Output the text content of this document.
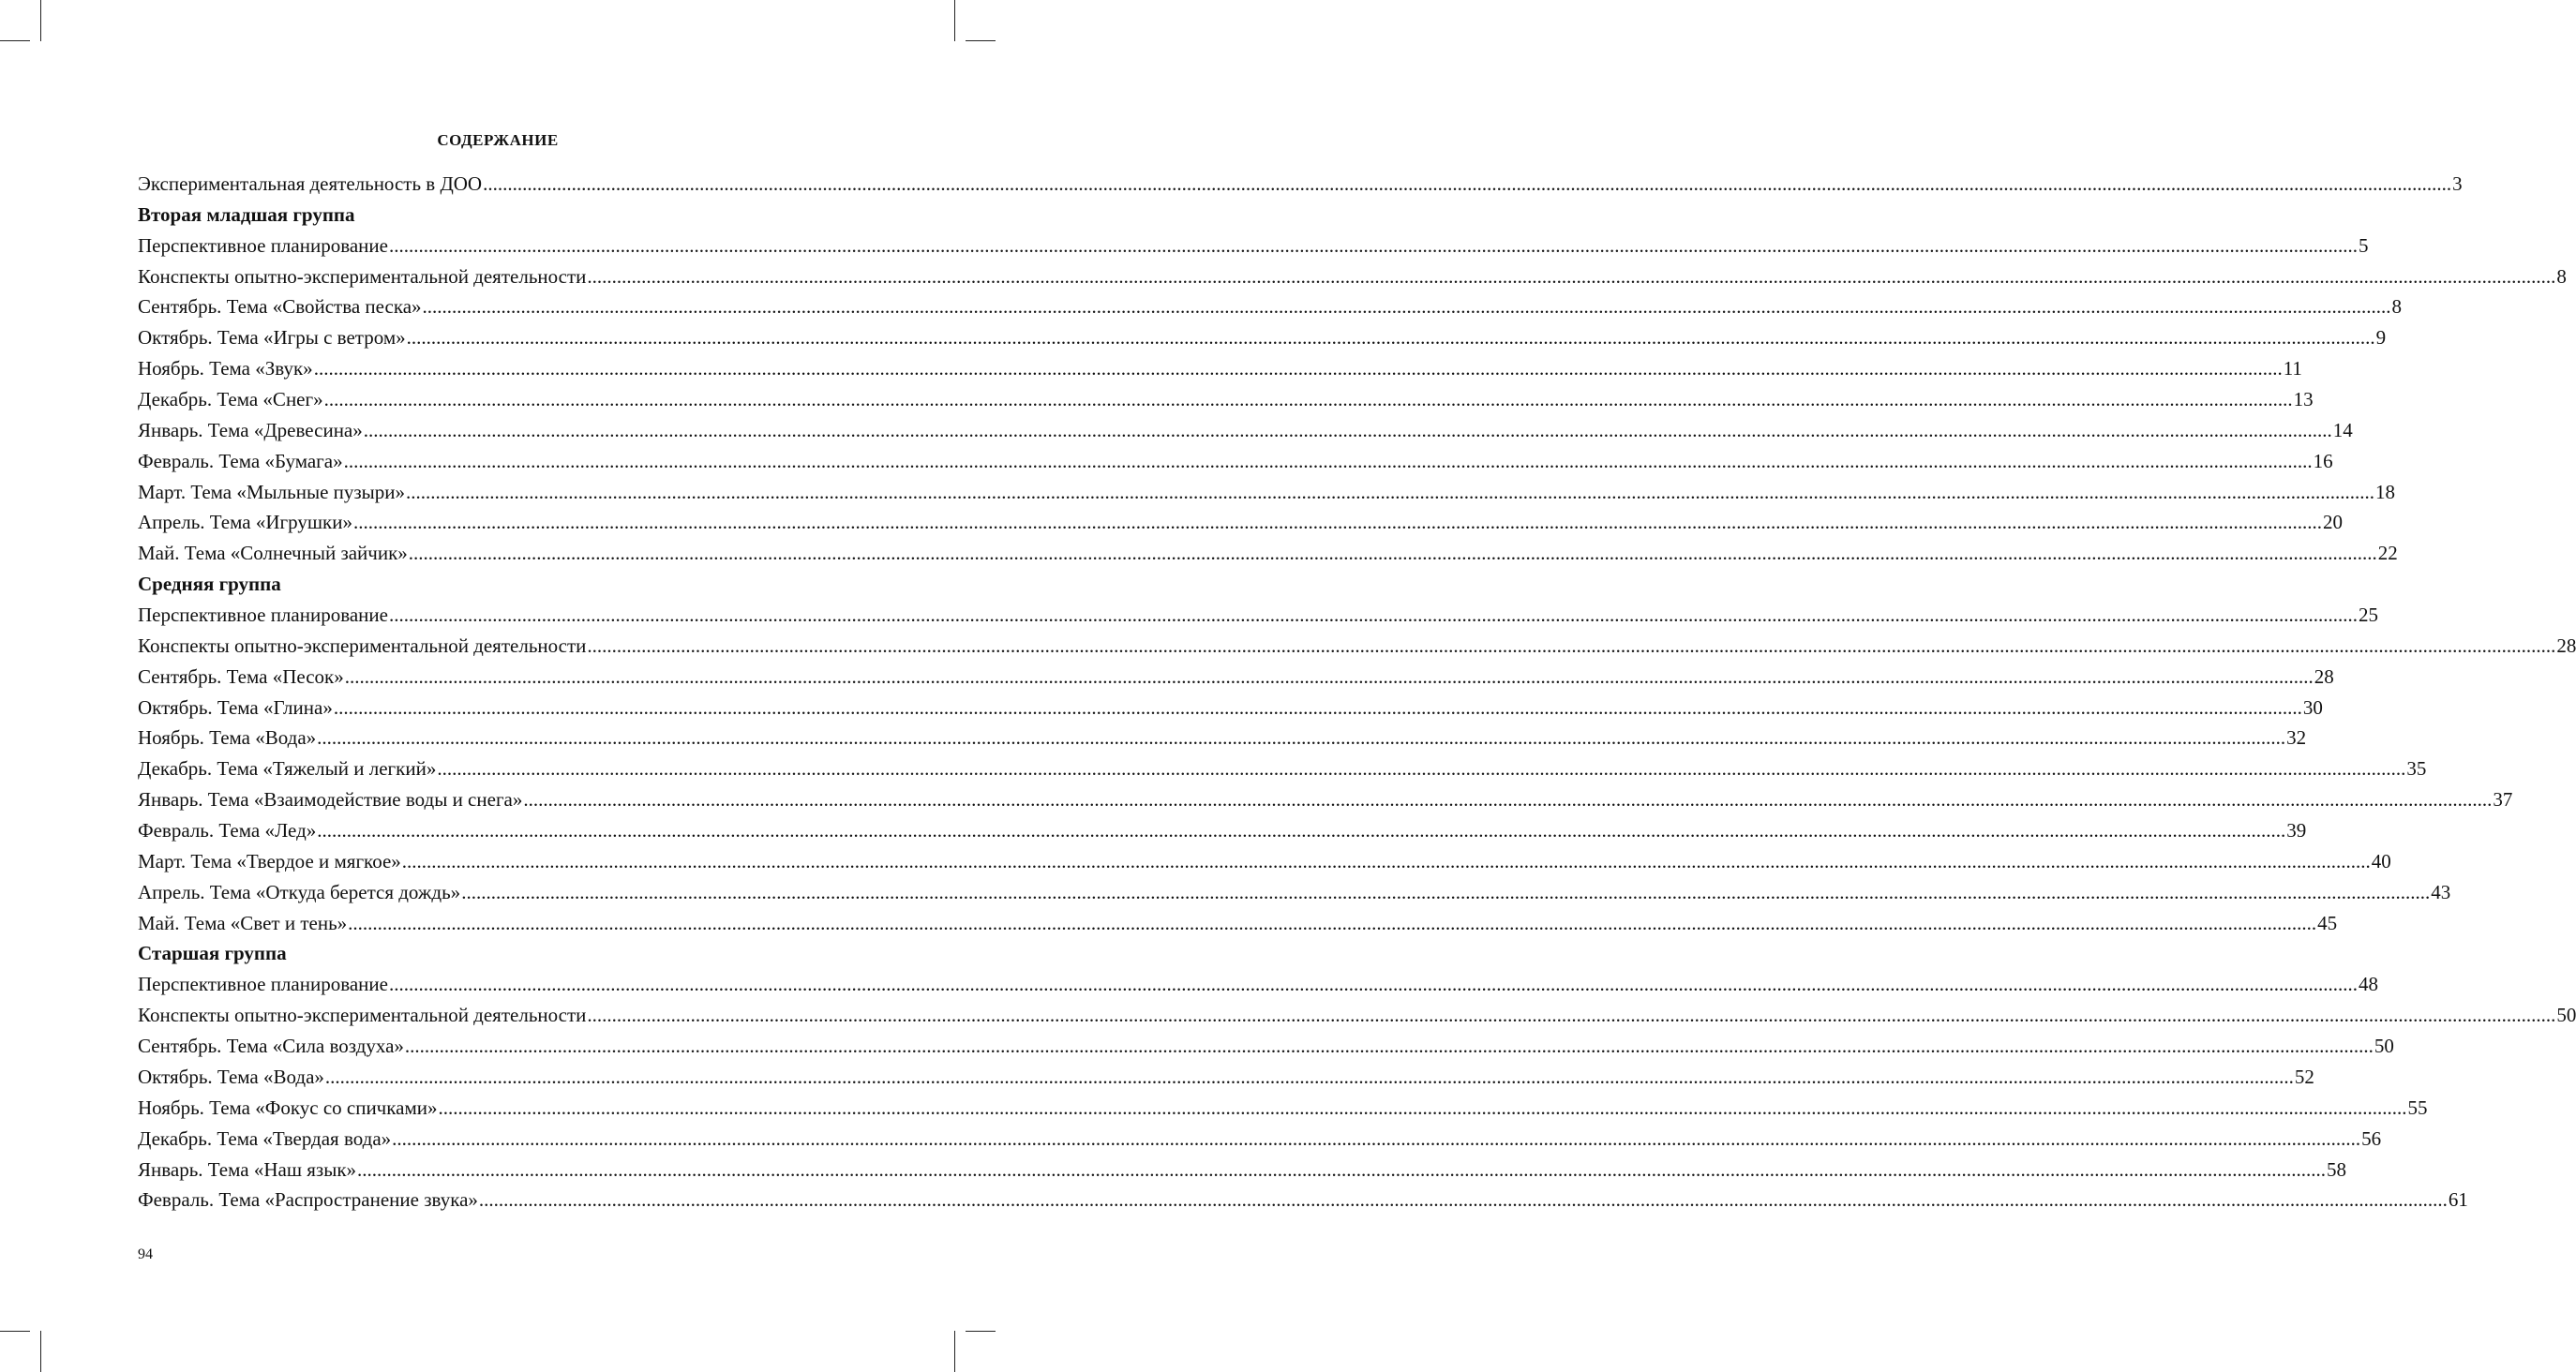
СОДЕРЖАНИЕ
Экспериментальная деятельность в ДОО ................................................................................................................................................................................................................................................................................................................................................................................................................ 3
Вторая младшая группа
Перспективное планирование ................................................................................................................................................................................................................................................................................................................................................................................................................ 5
Конспекты опытно-экспериментальной деятельности ................................................................................................................................................................................................................................................................................................................................................................................................................ 8
Сентябрь. Тема «Свойства песка» ................................................................................................................................................................................................................................................................................................................................................................................................................ 8
Октябрь. Тема «Игры с ветром» ................................................................................................................................................................................................................................................................................................................................................................................................................ 9
Ноябрь. Тема «Звук» ................................................................................................................................................................................................................................................................................................................................................................................................................ 11
Декабрь. Тема «Снег» ................................................................................................................................................................................................................................................................................................................................................................................................................ 13
Январь. Тема «Древесина» ................................................................................................................................................................................................................................................................................................................................................................................................................ 14
Февраль. Тема «Бумага» ................................................................................................................................................................................................................................................................................................................................................................................................................ 16
Март. Тема «Мыльные пузыри» ................................................................................................................................................................................................................................................................................................................................................................................................................ 18
Апрель. Тема «Игрушки» ................................................................................................................................................................................................................................................................................................................................................................................................................ 20
Май. Тема «Солнечный зайчик» ................................................................................................................................................................................................................................................................................................................................................................................................................ 22
Средняя группа
Перспективное планирование ................................................................................................................................................................................................................................................................................................................................................................................................................ 25
Конспекты опытно-экспериментальной деятельности ................................................................................................................................................................................................................................................................................................................................................................................................................ 28
Сентябрь. Тема «Песок» ................................................................................................................................................................................................................................................................................................................................................................................................................ 28
Октябрь. Тема «Глина» ................................................................................................................................................................................................................................................................................................................................................................................................................ 30
Ноябрь. Тема «Вода» ................................................................................................................................................................................................................................................................................................................................................................................................................ 32
Декабрь. Тема «Тяжелый и легкий» ................................................................................................................................................................................................................................................................................................................................................................................................................ 35
Январь. Тема «Взаимодействие воды и снега» ................................................................................................................................................................................................................................................................................................................................................................................................................ 37
Февраль. Тема «Лед» ................................................................................................................................................................................................................................................................................................................................................................................................................ 39
Март. Тема «Твердое и мягкое» ................................................................................................................................................................................................................................................................................................................................................................................................................ 40
Апрель. Тема «Откуда берется дождь» ................................................................................................................................................................................................................................................................................................................................................................................................................ 43
Май. Тема «Свет и тень» ................................................................................................................................................................................................................................................................................................................................................................................................................ 45
Старшая группа
Перспективное планирование ................................................................................................................................................................................................................................................................................................................................................................................................................ 48
Конспекты опытно-экспериментальной деятельности ................................................................................................................................................................................................................................................................................................................................................................................................................ 50
Сентябрь. Тема «Сила воздуха» ................................................................................................................................................................................................................................................................................................................................................................................................................ 50
Октябрь. Тема «Вода» ................................................................................................................................................................................................................................................................................................................................................................................................................ 52
Ноябрь. Тема «Фокус со спичками» ................................................................................................................................................................................................................................................................................................................................................................................................................ 55
Декабрь. Тема «Твердая вода» ................................................................................................................................................................................................................................................................................................................................................................................................................ 56
Январь. Тема «Наш язык» ................................................................................................................................................................................................................................................................................................................................................................................................................ 58
Февраль. Тема «Распространение звука» ................................................................................................................................................................................................................................................................................................................................................................................................................ 61
94
